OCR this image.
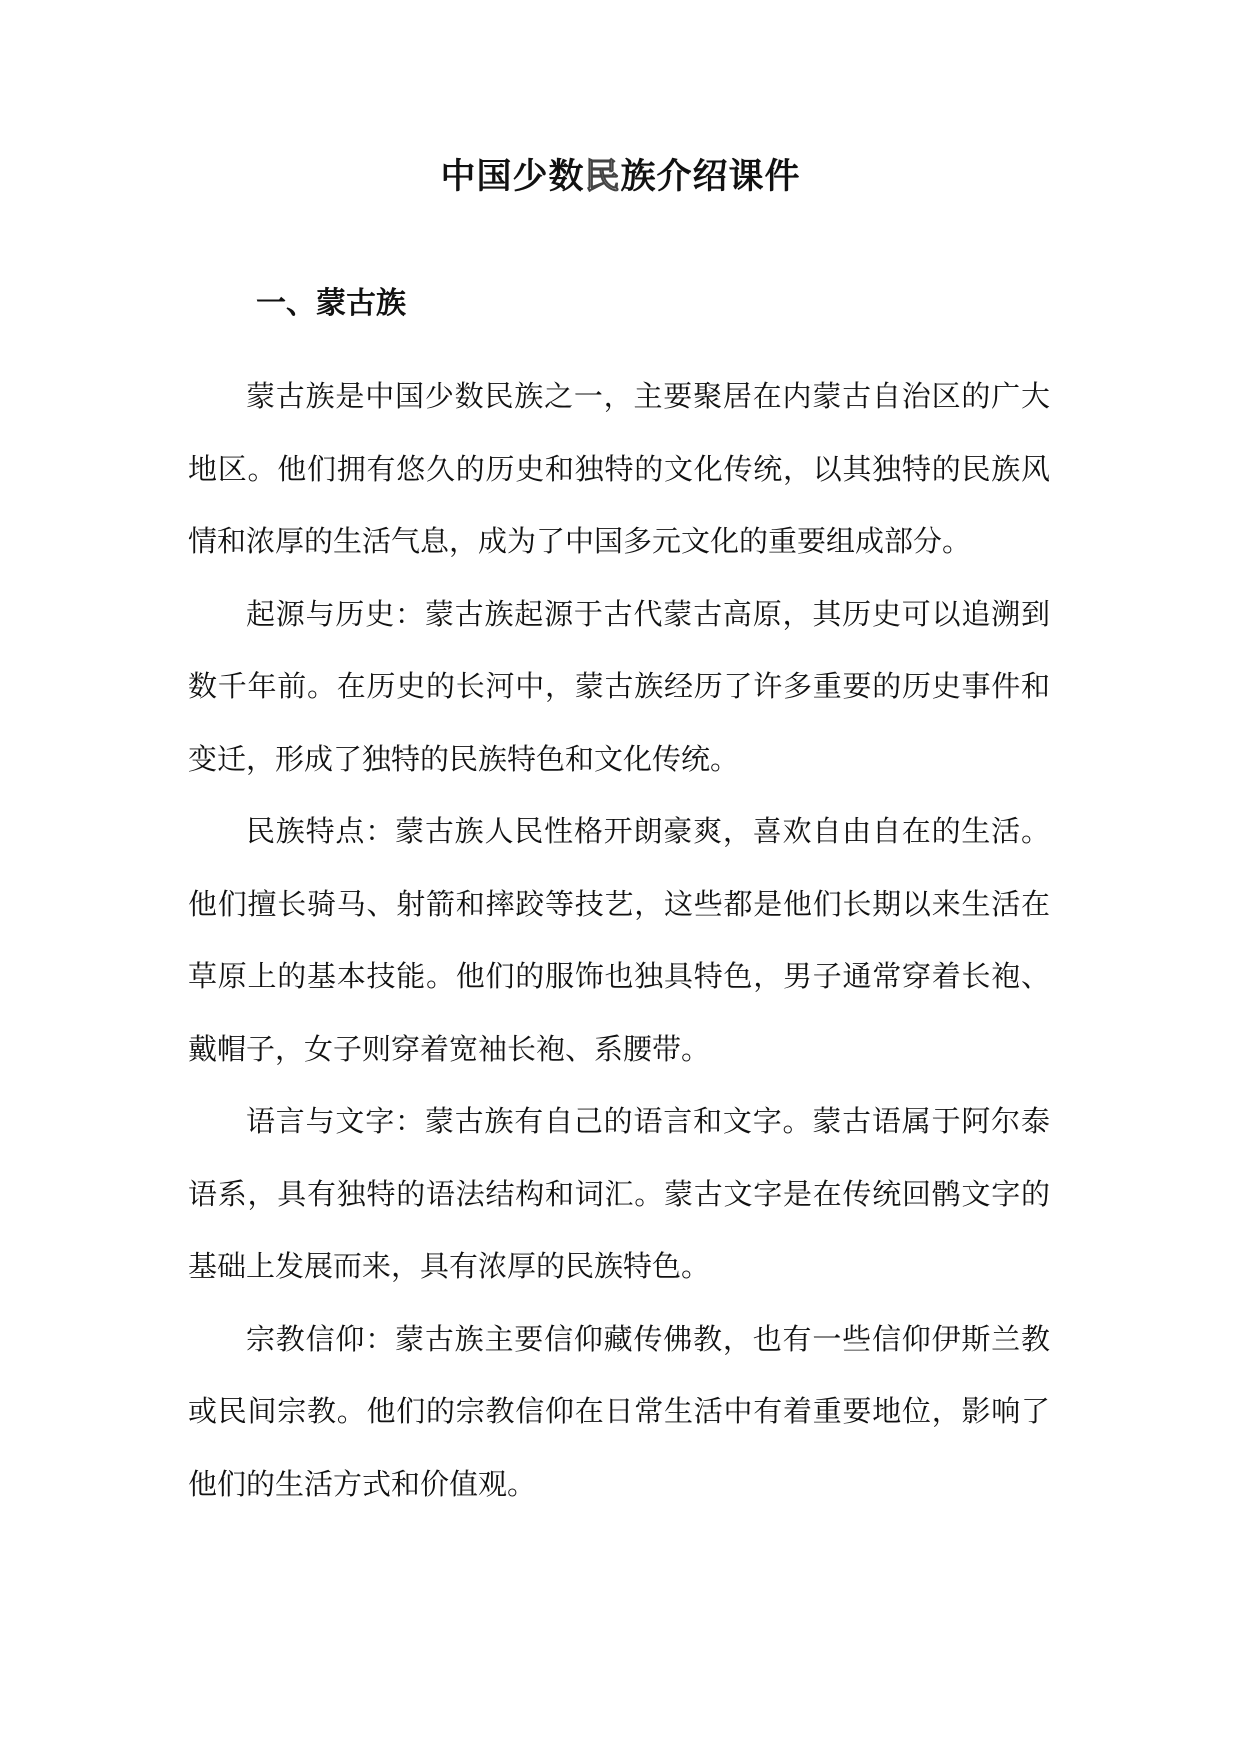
中国少数民族介绍课件
一、蒙古族

蒙古族是中国少数民族之一，主要聚居在内蒙古自治区的广大地区。他们拥有悠久的历史和独特的文化传统，以其独特的民族风情和浓厚的生活气息，成为了中国多元文化的重要组成部分。

起源与历史：蒙古族起源于古代蒙古高原，其历史可以追溯到数千年前。在历史的长河中，蒙古族经历了许多重要的历史事件和变迁，形成了独特的民族特色和文化传统。

民族特点：蒙古族人民性格开朗豪爽，喜欢自由自在的生活。他们擅长骑马、射箭和摔跤等技艺，这些都是他们长期以来生活在草原上的基本技能。他们的服饰也独具特色，男子通常穿着长袍、戴帽子，女子则穿着宽袖长袍、系腰带。

语言与文字：蒙古族有自己的语言和文字。蒙古语属于阿尔泰语系，具有独特的语法结构和词汇。蒙古文字是在传统回鹘文字的基础上发展而来，具有浓厚的民族特色。

宗教信仰：蒙古族主要信仰藏传佛教，也有一些信仰伊斯兰教或民间宗教。他们的宗教信仰在日常生活中有着重要地位，影响了他们的生活方式和价值观。
